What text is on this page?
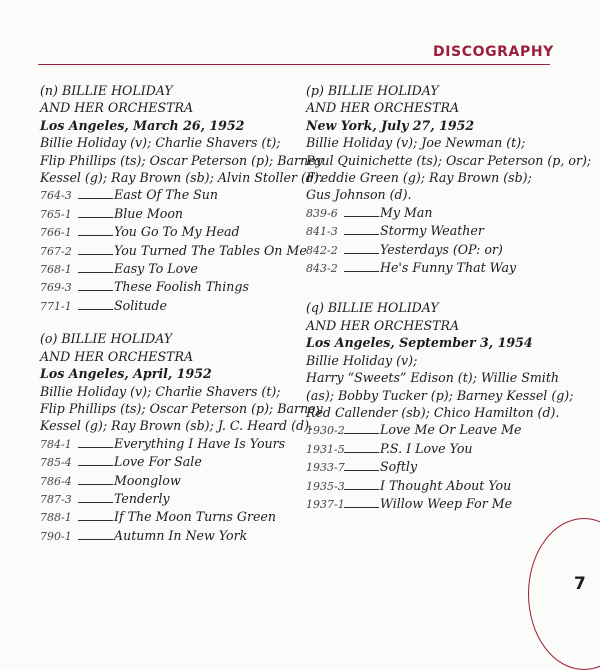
DISCOGRAPHY
(n) BILLIE HOLIDAY
AND HER ORCHESTRA
Los Angeles, March 26, 1952
Billie Holiday (v); Charlie Shavers (t);
Flip Phillips (ts); Oscar Peterson (p); Barney
Kessel (g); Ray Brown (sb); Alvin Stoller (d).
764-3	East Of The Sun
765-1	Blue Moon
766-1	You Go To My Head
767-2	You Turned The Tables On Me
768-1	Easy To Love
769-3	These Foolish Things
771-1	Solitude
(o) BILLIE HOLIDAY
AND HER ORCHESTRA
Los Angeles, April, 1952
Billie Holiday (v); Charlie Shavers (t);
Flip Phillips (ts); Oscar Peterson (p); Barney
Kessel (g); Ray Brown (sb); J. C. Heard (d).
784-1	Everything I Have Is Yours
785-4	Love For Sale
786-4	Moonglow
787-3	Tenderly
788-1	If The Moon Turns Green
790-1	Autumn In New York
(p) BILLIE HOLIDAY
AND HER ORCHESTRA
New York, July 27, 1952
Billie Holiday (v); Joe Newman (t);
Paul Quinichette (ts); Oscar Peterson (p, or);
Freddie Green (g); Ray Brown (sb);
Gus Johnson (d).
839-6	My Man
841-3	Stormy Weather
842-2	Yesterdays (OP: or)
843-2	He's Funny That Way
(q) BILLIE HOLIDAY
AND HER ORCHESTRA
Los Angeles, September 3, 1954
Billie Holiday (v);
Harry “Sweets” Edison (t); Willie Smith
(as); Bobby Tucker (p); Barney Kessel (g);
Red Callender (sb); Chico Hamilton (d).
1930-2	Love Me Or Leave Me
1931-5	P.S. I Love You
1933-7	Softly
1935-3	I Thought About You
1937-1	Willow Weep For Me
7
